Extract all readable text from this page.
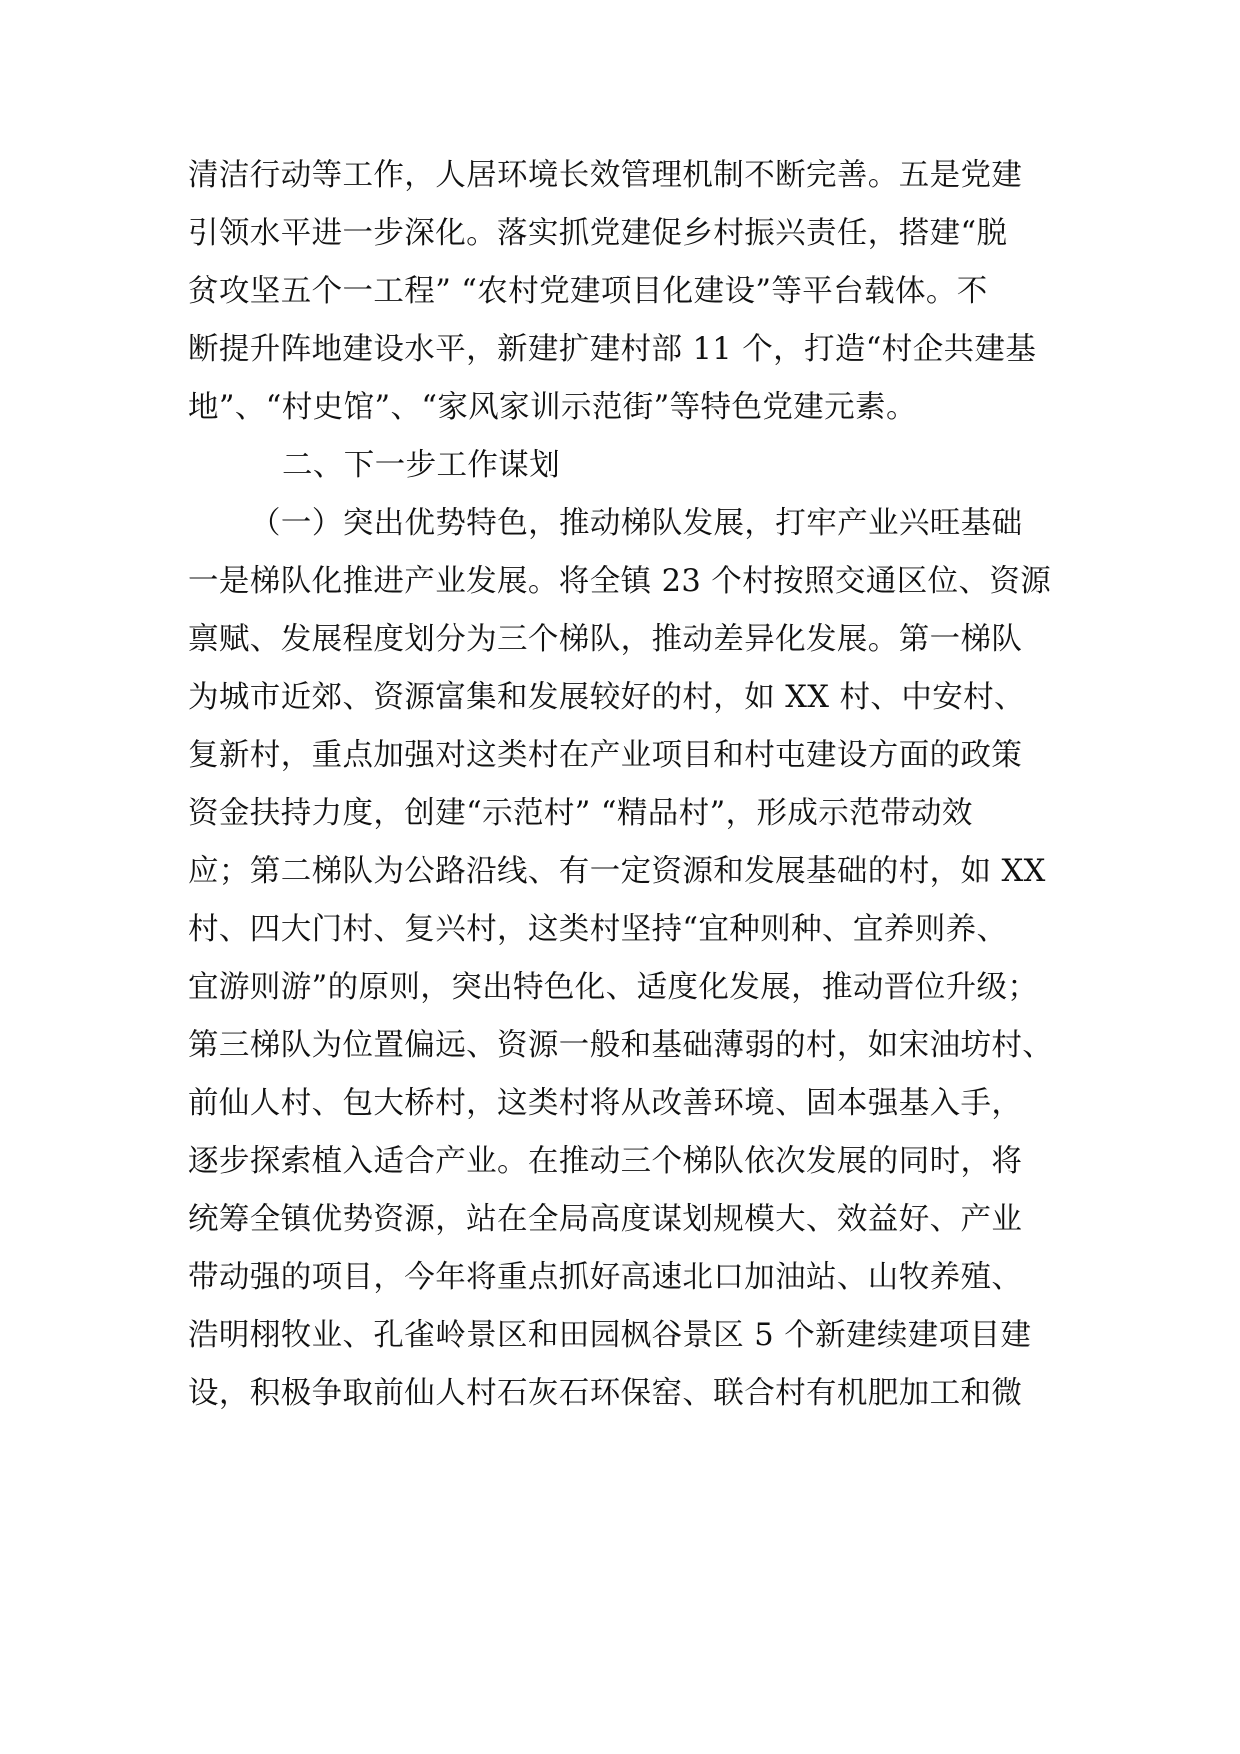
清洁行动等工作，人居环境长效管理机制不断完善。五是党建

引领水平进一步深化。落实抓党建促乡村振兴责任，搭建“脱

贫攻坚五个一工程” “农村党建项目化建设”等平台载体。不

断提升阵地建设水平，新建扩建村部 11 个，打造“村企共建基

地”、“村史馆”、“家风家训示范街”等特色党建元素。

二、下一步工作谋划

（一）突出优势特色，推动梯队发展，打牢产业兴旺基础

一是梯队化推进产业发展。将全镇 23 个村按照交通区位、资源

禀赋、发展程度划分为三个梯队，推动差异化发展。第一梯队

为城市近郊、资源富集和发展较好的村，如 XX 村、中安村、

复新村，重点加强对这类村在产业项目和村屯建设方面的政策

资金扶持力度，创建“示范村” “精品村”，形成示范带动效

应；第二梯队为公路沿线、有一定资源和发展基础的村，如 XX

村、四大门村、复兴村，这类村坚持“宜种则种、宜养则养、

宜游则游”的原则，突出特色化、适度化发展，推动晋位升级；

第三梯队为位置偏远、资源一般和基础薄弱的村，如宋油坊村、

前仙人村、包大桥村，这类村将从改善环境、固本强基入手，

逐步探索植入适合产业。在推动三个梯队依次发展的同时，将

统筹全镇优势资源，站在全局高度谋划规模大、效益好、产业

带动强的项目，今年将重点抓好高速北口加油站、山牧养殖、

浩明栩牧业、孔雀岭景区和田园枫谷景区 5 个新建续建项目建

设，积极争取前仙人村石灰石环保窑、联合村有机肥加工和微
